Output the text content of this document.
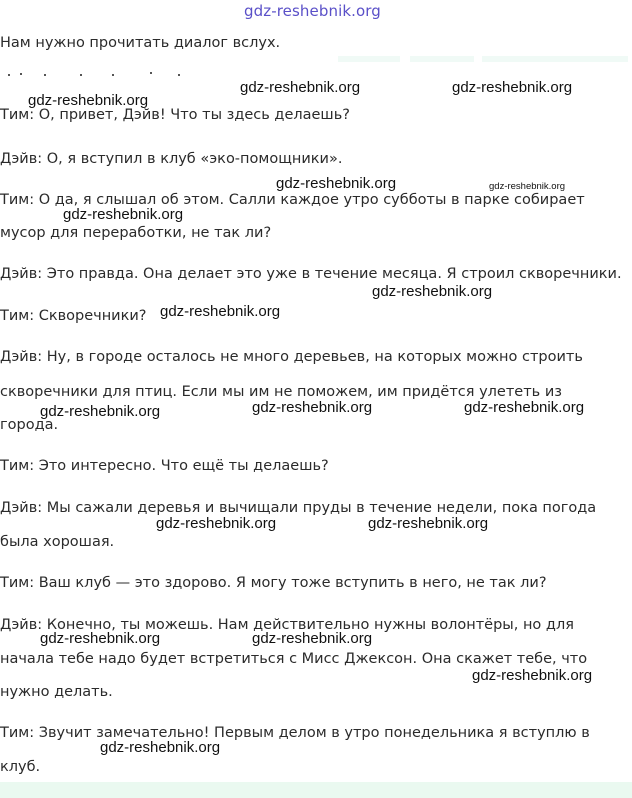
gdz-reshebnik.org
Нам нужно прочитать диалог вслух.
gdz-reshebnik.org	gdz-reshebnik.org
gdz-reshebnik.org
Тим: О, привет, Дэйв! Что ты здесь делаешь?
Дэйв: О, я вступил в клуб «эко-помощники».
gdz-reshebnik.org	gdz-reshebnik.org
Тим: О да, я слышал об этом. Салли каждое утро субботы в парке собирает
gdz-reshebnik.org
мусор для переработки, не так ли?
Дэйв: Это правда. Она делает это уже в течение месяца. Я строил скворечники.
gdz-reshebnik.org
gdz-reshebnik.org
Тим: Скворечники?
Дэйв: Ну, в городе осталось не много деревьев, на которых можно строить
скворечники для птиц. Если мы им не поможем, им придётся улететь из
gdz-reshebnik.org	gdz-reshebnik.org
gdz-reshebnik.org
города.
Тим: Это интересно. Что ещё ты делаешь?
Дэйв: Мы сажали деревья и вычищали пруды в течение недели, пока погода
gdz-reshebnik.org	gdz-reshebnik.org
была хорошая.
Тим: Ваш клуб — это здорово. Я могу тоже вступить в него, не так ли?
Дэйв: Конечно, ты можешь. Нам действительно нужны волонтёры, но для
gdz-reshebnik.org	gdz-reshebnik.org
начала тебе надо будет встретиться с Мисс Джексон. Она скажет тебе, что
gdz-reshebnik.org
нужно делать.
Тим: Звучит замечательно! Первым делом в утро понедельника я вступлю в
gdz-reshebnik.org
клуб.
